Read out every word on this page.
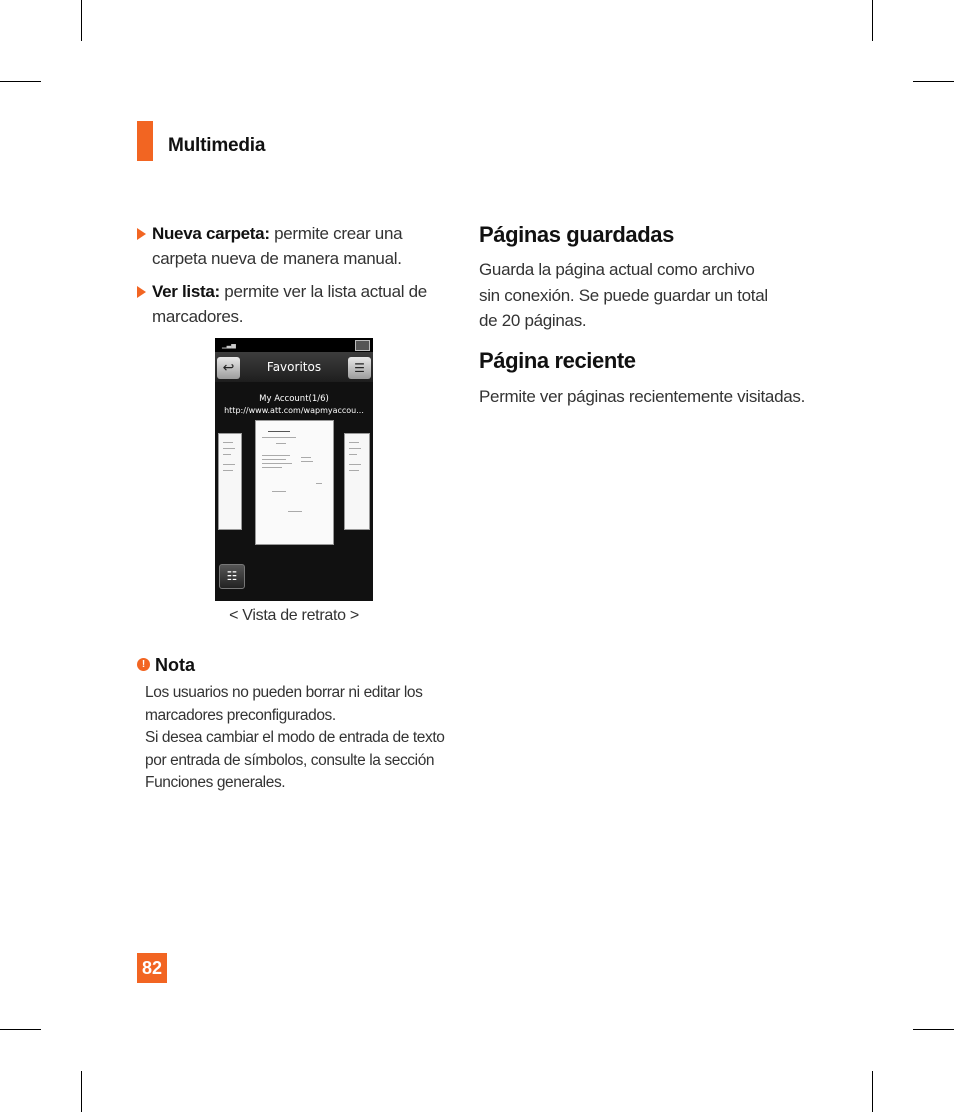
Multimedia
Nueva carpeta: permite crear una carpeta nueva de manera manual.
Ver lista: permite ver la lista actual de marcadores.
▁▃▅
↩	Favoritos	☰
My Account(1/6)
http://www.att.com/wapmyaccou...
☷
< Vista de retrato >
! Nota

Los usuarios no pueden borrar ni editar los marcadores preconfigurados.

Si desea cambiar el modo de entrada de texto por entrada de símbolos, consulte la sección Funciones generales.

Páginas guardadas
Guarda la página actual como archivo sin conexión. Se puede guardar un total de 20 páginas.
Página reciente
Permite ver páginas recientemente visitadas.
82
